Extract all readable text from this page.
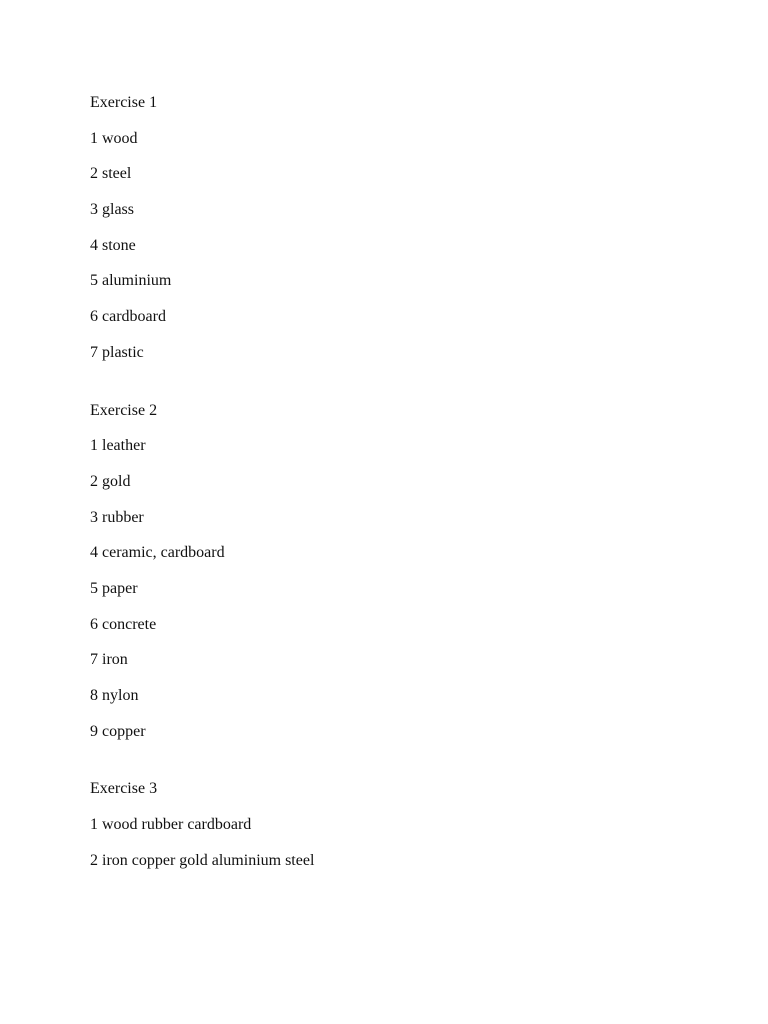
Exercise 1
1 wood
2 steel
3 glass
4 stone
5 aluminium
6 cardboard
7 plastic
Exercise 2
1 leather
2 gold
3 rubber
4 ceramic, cardboard
5 paper
6 concrete
7 iron
8 nylon
9 copper
Exercise 3
1 wood rubber cardboard
2 iron copper gold aluminium steel
